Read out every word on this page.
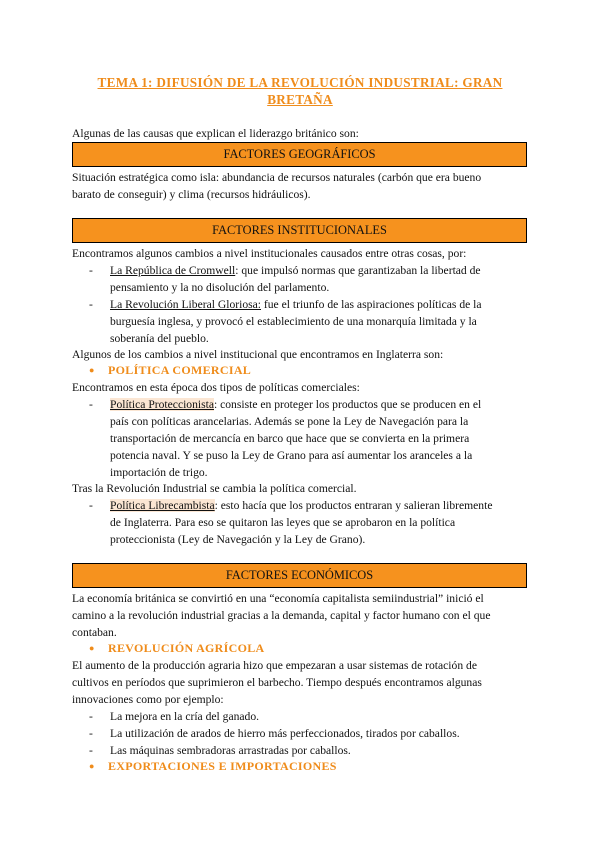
TEMA 1: DIFUSIÓN DE LA REVOLUCIÓN INDUSTRIAL: GRAN
BRETAÑA
Algunas de las causas que explican el liderazgo británico son:
FACTORES GEOGRÁFICOS
Situación estratégica como isla: abundancia de recursos naturales (carbón que era bueno
barato de conseguir) y clima (recursos hidráulicos).
FACTORES INSTITUCIONALES
Encontramos algunos cambios a nivel institucionales causados entre otras cosas, por:
- La República de Cromwell: que impulsó normas que garantizaban la libertad de
pensamiento y la no disolución del parlamento.
- La Revolución Liberal Gloriosa: fue el triunfo de las aspiraciones políticas de la
burguesía inglesa, y provocó el establecimiento de una monarquía limitada y la
soberanía del pueblo.
Algunos de los cambios a nivel institucional que encontramos en Inglaterra son:
● POLÍTICA COMERCIAL
Encontramos en esta época dos tipos de políticas comerciales:
- Política Proteccionista: consiste en proteger los productos que se producen en el
país con políticas arancelarias. Además se pone la Ley de Navegación para la
transportación de mercancía en barco que hace que se convierta en la primera
potencia naval. Y se puso la Ley de Grano para así aumentar los aranceles a la
importación de trigo.
Tras la Revolución Industrial se cambia la política comercial.
- Política Librecambista: esto hacía que los productos entraran y salieran libremente
de Inglaterra. Para eso se quitaron las leyes que se aprobaron en la política
proteccionista (Ley de Navegación y la Ley de Grano).
FACTORES ECONÓMICOS
La economía británica se convirtió en una “economía capitalista semiindustrial” inició el
camino a la revolución industrial gracias a la demanda, capital y factor humano con el que
contaban.
● REVOLUCIÓN AGRÍCOLA
El aumento de la producción agraria hizo que empezaran a usar sistemas de rotación de
cultivos en períodos que suprimieron el barbecho. Tiempo después encontramos algunas
innovaciones como por ejemplo:
- La mejora en la cría del ganado.
- La utilización de arados de hierro más perfeccionados, tirados por caballos.
- Las máquinas sembradoras arrastradas por caballos.
● EXPORTACIONES E IMPORTACIONES
